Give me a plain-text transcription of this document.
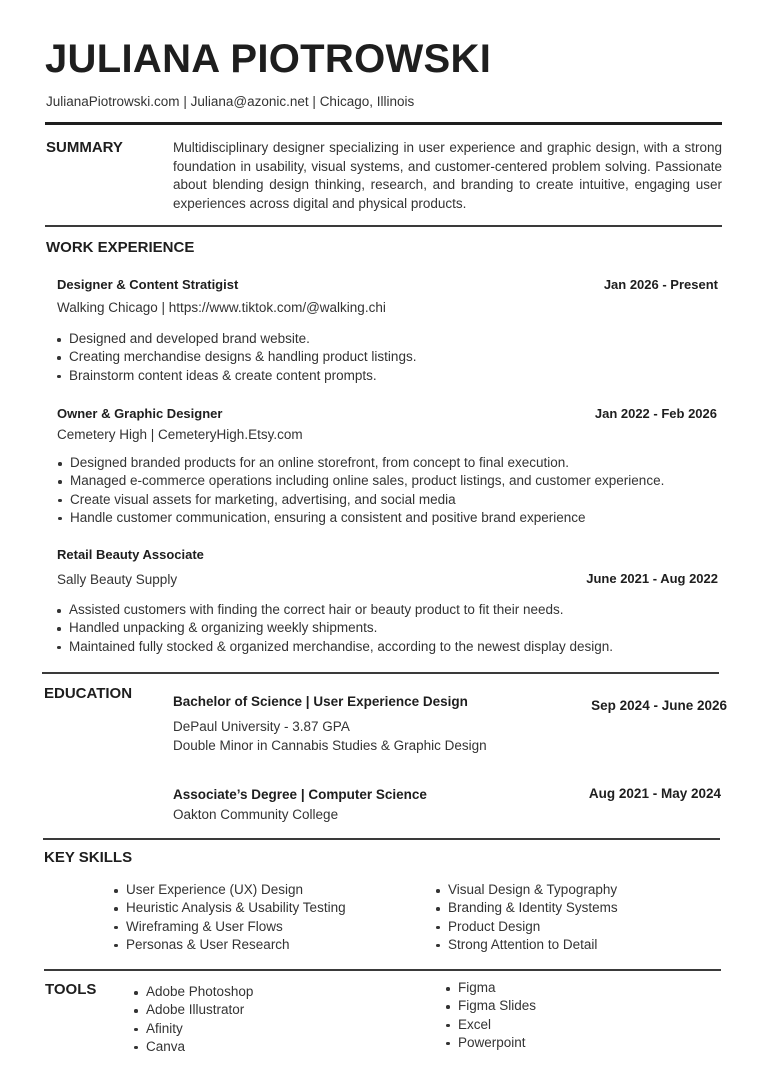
JULIANA PIOTROWSKI
JulianaPiotrowski.com | Juliana@azonic.net | Chicago, Illinois
SUMMARY	Multidisciplinary designer specializing in user experience and graphic design, with a strong foundation in usability, visual systems, and customer-centered problem solving. Passionate about blending design thinking, research, and branding to create intuitive, engaging user experiences across digital and physical products.
WORK EXPERIENCE
Designer & Content Stratigist	Jan 2026 - Present
Walking Chicago | https://www.tiktok.com/@walking.chi
Designed and developed brand website.
Creating merchandise designs & handling product listings.
Brainstorm content ideas & create content prompts.
Owner & Graphic Designer	Jan 2022 - Feb 2026
Cemetery High | CemeteryHigh.Etsy.com
Designed branded products for an online storefront, from concept to final execution.
Managed e-commerce operations including online sales, product listings, and customer experience.
Create visual assets for marketing, advertising, and social media
Handle customer communication, ensuring a consistent and positive brand experience
Retail Beauty Associate
June 2021 - Aug 2022
Sally Beauty Supply
Assisted customers with finding the correct hair or beauty product to fit their needs.
Handled unpacking & organizing weekly shipments.
Maintained fully stocked & organized merchandise, according to the newest display design.
EDUCATION	Bachelor of Science | User Experience Design	Sep 2024 - June 2026
DePaul University - 3.87 GPA
Double Minor in Cannabis Studies & Graphic Design
Associate’s Degree | Computer Science	Aug 2021 - May 2024
Oakton Community College
KEY SKILLS
User Experience (UX) Design
Heuristic Analysis & Usability Testing
Wireframing & User Flows
Personas & User Research
Visual Design & Typography
Branding & Identity Systems
Product Design
Strong Attention to Detail
TOOLS	Adobe Photoshop
Adobe Illustrator
Afinity
Canva
Figma
Figma Slides
Excel
Powerpoint
